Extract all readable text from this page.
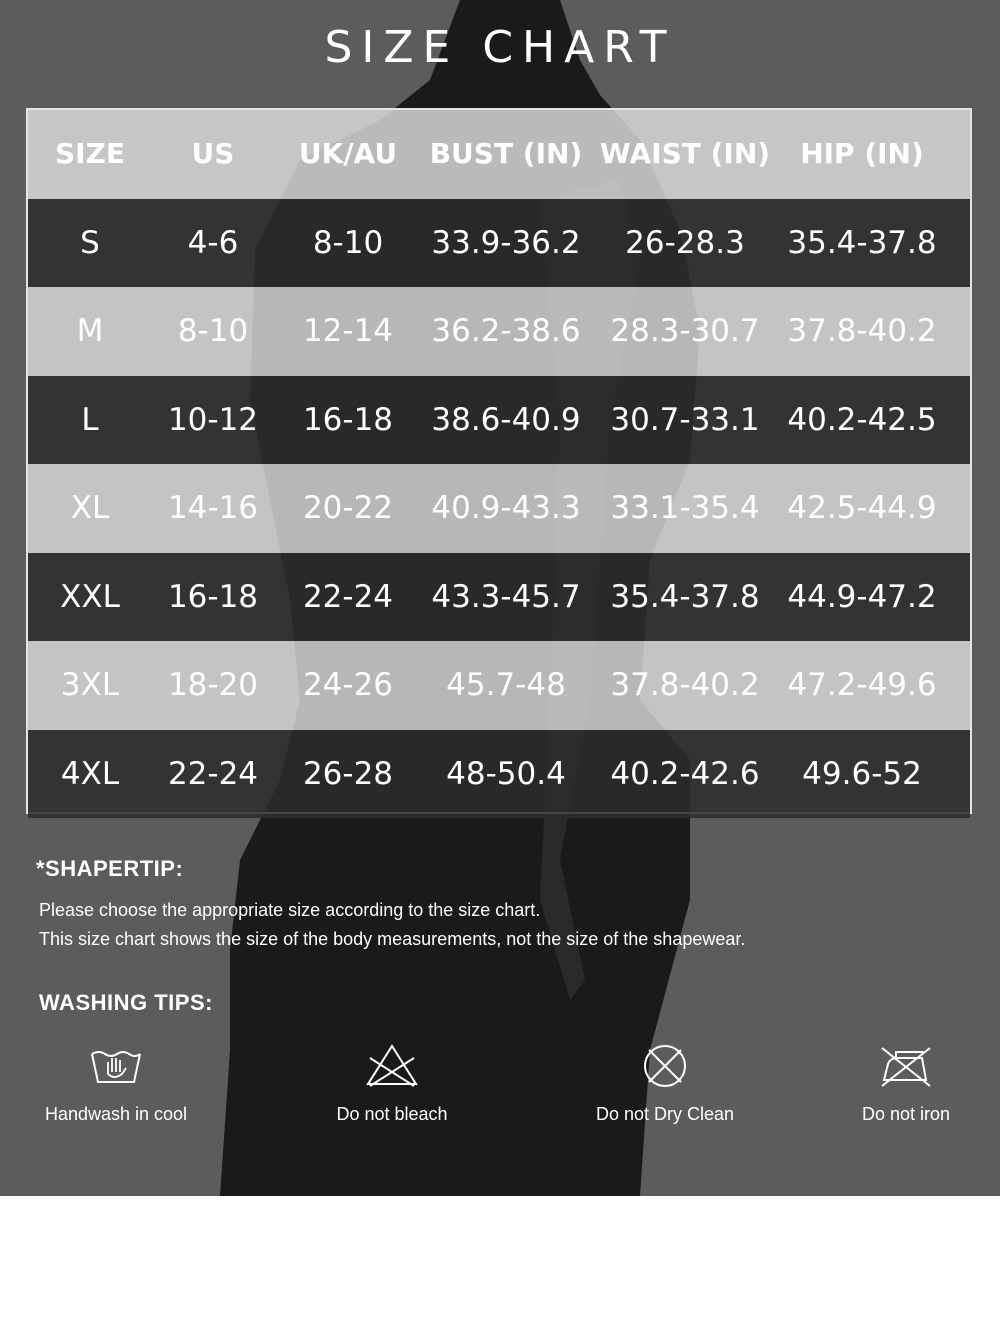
SIZE CHART
SIZE	US	UK/AU	BUST (IN) WAIST (IN)	HIP (IN)
S	4-6	8-10	33.9-36.2	26-28.3	35.4-37.8
M	8-10	12-14	36.2-38.6 28.3-30.7 37.8-40.2
L	10-12	16-18	38.6-40.9 30.7-33.1 40.2-42.5
XL	14-16	20-22	40.9-43.3 33.1-35.4 42.5-44.9
XXL	16-18	22-24	43.3-45.7 35.4-37.8 44.9-47.2
3XL	18-20	24-26	45.7-48	37.8-40.2 47.2-49.6
4XL	22-24	26-28	48-50.4	40.2-42.6	49.6-52
*SHAPERTIP:
Please choose the appropriate size according to the size chart.
This size chart shows the size of the body measurements, not the size of the shapewear.
WASHING TIPS:
Handwash in cool	Do not bleach	Do not Dry Clean	Do not iron
